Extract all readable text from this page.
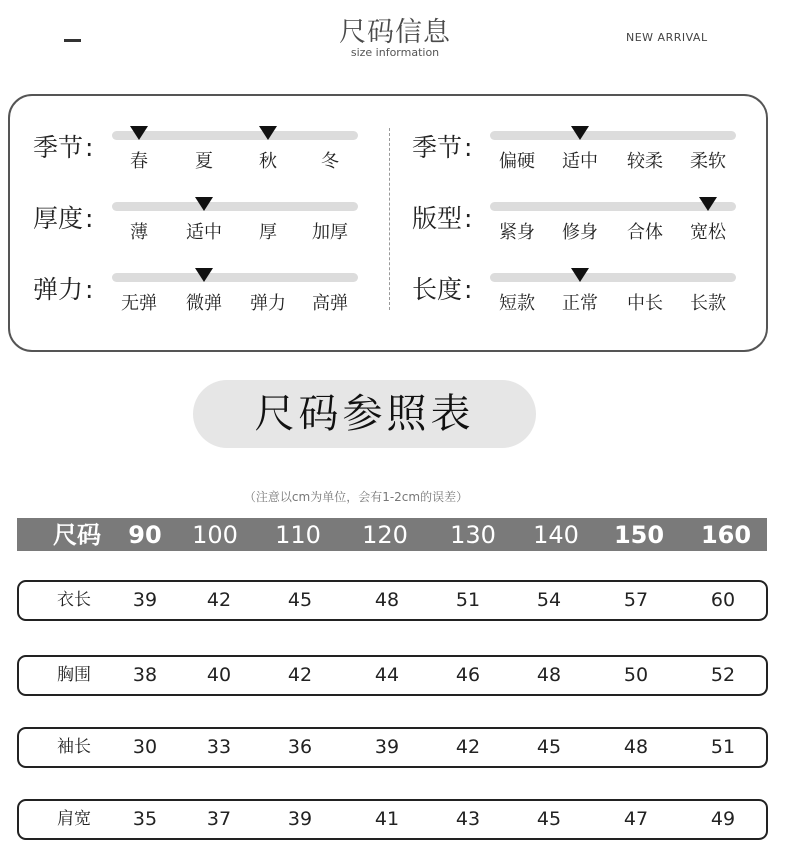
尺码信息
size information
NEW ARRIVAL
季节:	春	夏	秋	冬
厚度:	薄	适中	厚	加厚
弹力:	无弹	微弹	弹力	高弹
季节:	偏硬	适中	较柔	柔软
版型:	紧身	修身	合体	宽松
长度:	短款	正常	中长	长款
尺码参照表
（注意以cm为单位，会有1-2cm的误差）
尺码	90	100 110 120 130 140 150 160
衣长	39	42	45	48	51	54	57	60
胸围	38	40	42	44	46	48	50	52
袖长	30	33	36	39	42	45	48	51
肩宽	35	37	39	41	43	45	47	49
